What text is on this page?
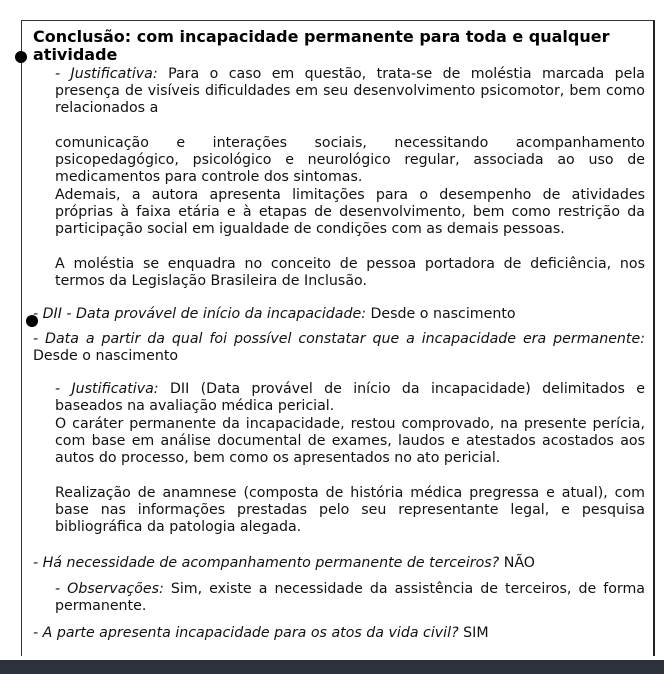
Conclusão: com incapacidade permanente para toda e qualquer atividade
- Justificativa: Para o caso em questão, trata-se de moléstia marcada pela presença de visíveis dificuldades em seu desenvolvimento psicomotor, bem como relacionados a
comunicação e interações sociais, necessitando acompanhamento psicopedagógico, psicológico e neurológico regular, associada ao uso de medicamentos para controle dos sintomas.
Ademais, a autora apresenta limitações para o desempenho de atividades próprias à faixa etária e à etapas de desenvolvimento, bem como restrição da participação social em igualdade de condições com as demais pessoas.
A moléstia se enquadra no conceito de pessoa portadora de deficiência, nos termos da Legislação Brasileira de Inclusão.
- DII - Data provável de início da incapacidade: Desde o nascimento
- Data a partir da qual foi possível constatar que a incapacidade era permanente: Desde o nascimento
- Justificativa: DII (Data provável de início da incapacidade) delimitados e baseados na avaliação médica pericial.
O caráter permanente da incapacidade, restou comprovado, na presente perícia, com base em análise documental de exames, laudos e atestados acostados aos autos do processo, bem como os apresentados no ato pericial.
Realização de anamnese (composta de história médica pregressa e atual), com base nas informações prestadas pelo seu representante legal, e pesquisa bibliográfica da patologia alegada.
- Há necessidade de acompanhamento permanente de terceiros? NÃO
- Observações: Sim, existe a necessidade da assistência de terceiros, de forma permanente.
- A parte apresenta incapacidade para os atos da vida civil? SIM
